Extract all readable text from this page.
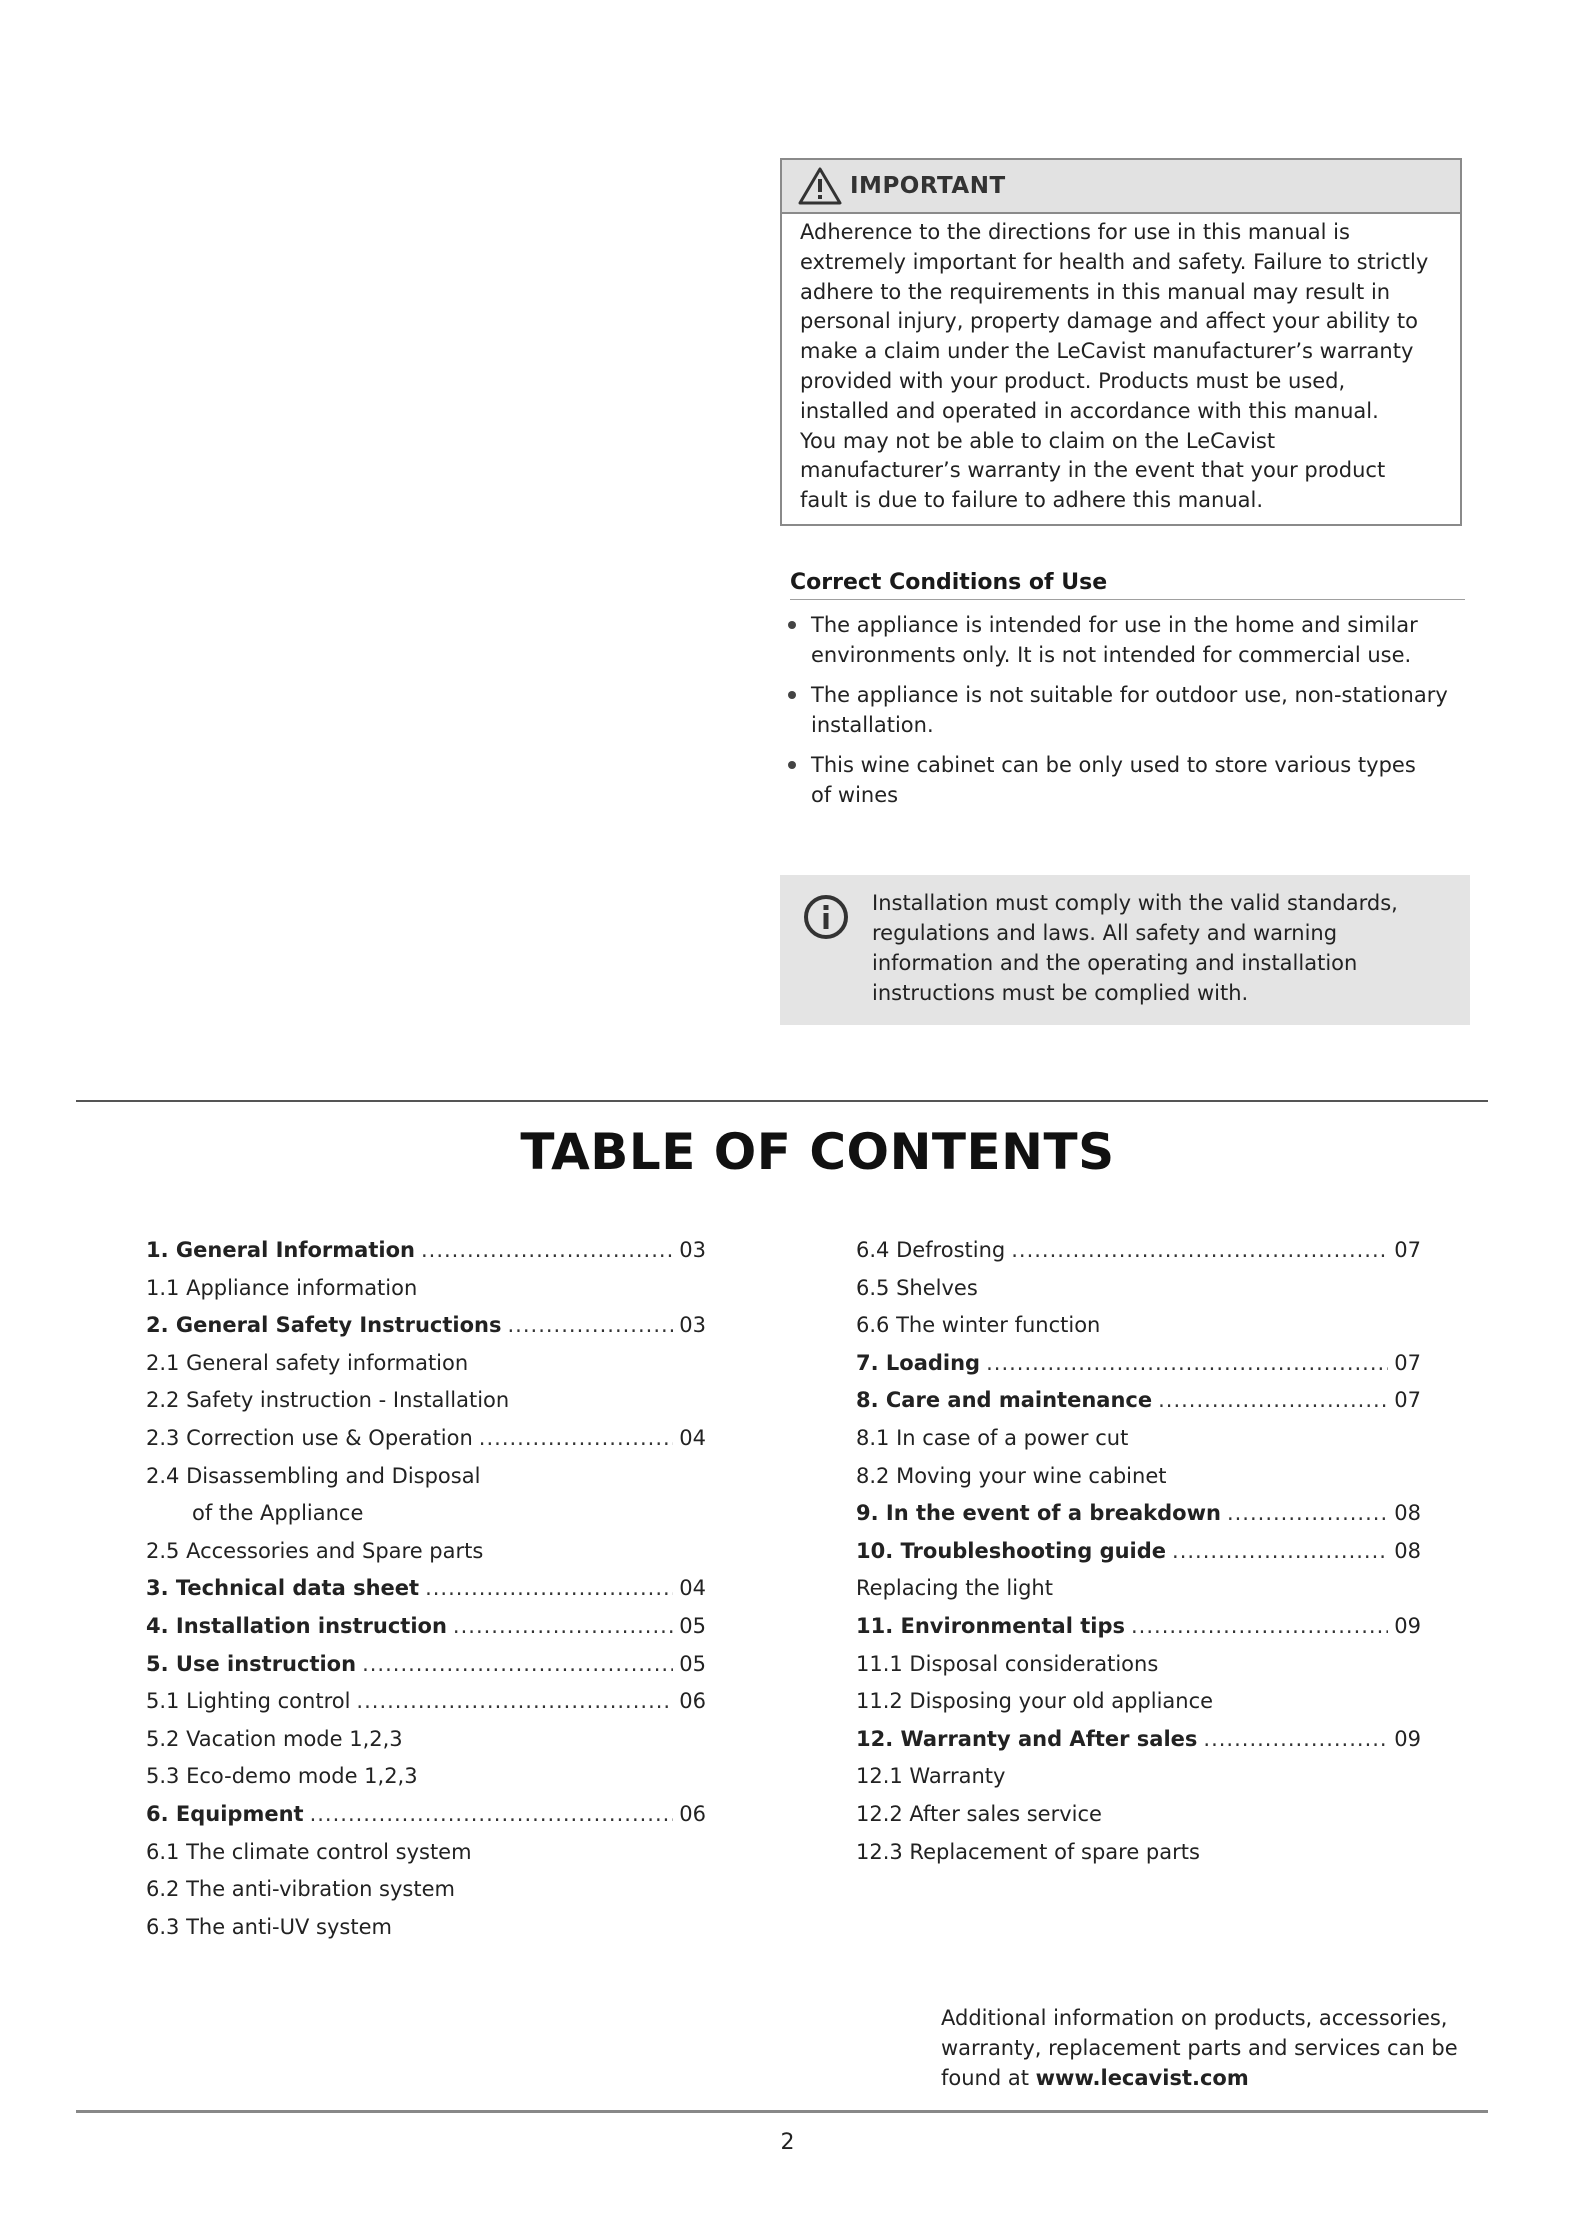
IMPORTANT
Adherence to the directions for use in this manual is
extremely important for health and safety. Failure to strictly
adhere to the requirements in this manual may result in
personal injury, property damage and affect your ability to
make a claim under the LeCavist manufacturer’s warranty
provided with your product. Products must be used,
installed and operated in accordance with this manual.
You may not be able to claim on the LeCavist
manufacturer’s warranty in the event that your product
fault is due to failure to adhere this manual.
Correct Conditions of Use
The appliance is intended for use in the home and similar
environments only. It is not intended for commercial use.
The appliance is not suitable for outdoor use, non-stationary
installation.
This wine cabinet can be only used to store various types
of wines
Installation must comply with the valid standards,
regulations and laws. All safety and warning
information and the operating and installation
instructions must be complied with.
TABLE OF CONTENTS
1. General Information .....	03
1.1 Appliance information
2. General Safety Instructions .....	03
2.1 General safety information
2.2 Safety instruction - Installation
2.3 Correction use & Operation .....	04
2.4 Disassembling and Disposal
of the Appliance
2.5 Accessories and Spare parts
3. Technical data sheet .....	04
4. Installation instruction .....	05
5. Use instruction .....	05
5.1 Lighting control .....	06
5.2 Vacation mode 1,2,3
5.3 Eco-demo mode 1,2,3
6. Equipment .....	06
6.1 The climate control system
6.2 The anti-vibration system
6.3 The anti-UV system
6.4 Defrosting .....	07
6.5 Shelves
6.6 The winter function
7. Loading .....	07
8. Care and maintenance .....	07
8.1 In case of a power cut
8.2 Moving your wine cabinet
9. In the event of a breakdown .....	08
10. Troubleshooting guide .....	08
Replacing the light
11. Environmental tips .....	09
11.1 Disposal considerations
11.2 Disposing your old appliance
12. Warranty and After sales .....	09
12.1 Warranty
12.2 After sales service
12.3 Replacement of spare parts
Additional information on products, accessories,
warranty, replacement parts and services can be
found at www.lecavist.com
2
